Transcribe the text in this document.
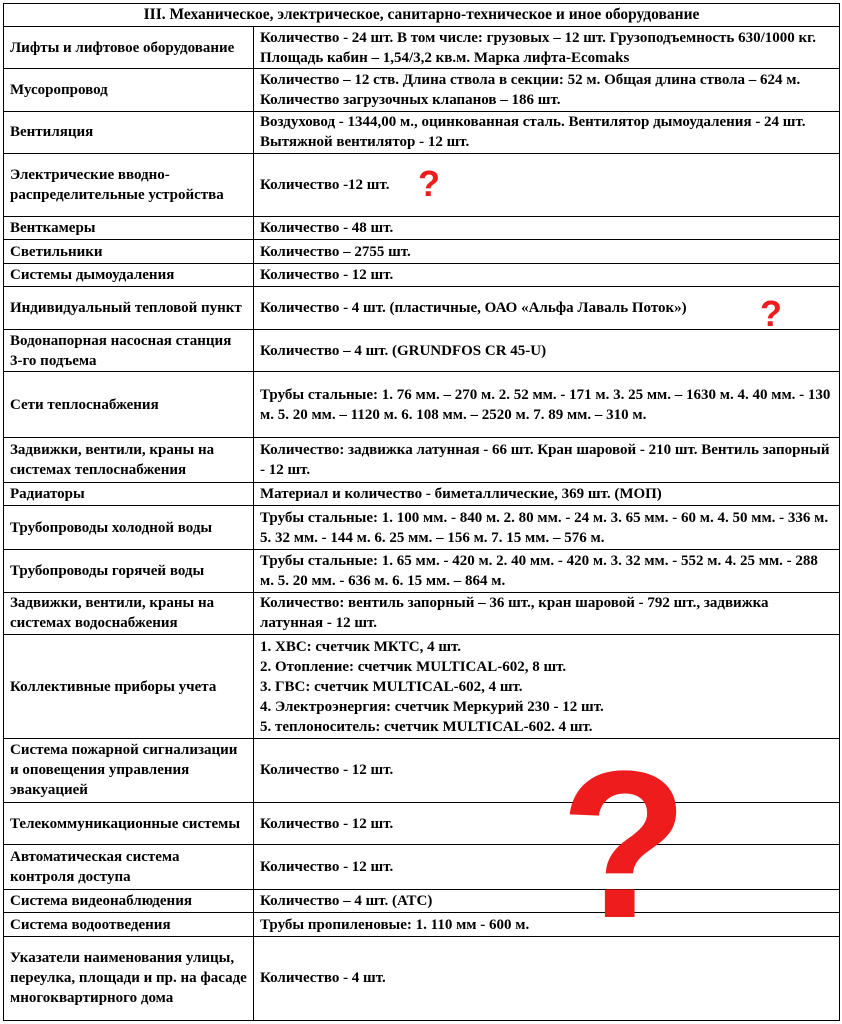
III. Механическое, электрическое, санитарно-техническое и иное оборудование	
Лифты и лифтовое оборудование	Количество - 24 шт. В том числе: грузовых – 12 шт. Грузоподъемность 630/1000 кг. Площадь кабин – 1,54/3,2 кв.м. Марка лифта-Ecomaks
Мусоропровод	Количество – 12 ств. Длина ствола в секции: 52 м. Общая длина ствола – 624 м. Количество загрузочных клапанов – 186 шт.
Вентиляция	Воздуховод - 1344,00 м., оцинкованная сталь. Вентилятор дымоудаления - 24 шт. Вытяжной вентилятор - 12 шт.
Электрические вводно-распределительные устройства	Количество -12 шт.
Венткамеры	Количество - 48 шт.
Светильники	Количество – 2755 шт.
Системы дымоудаления	Количество - 12 шт.
Индивидуальный тепловой пункт	Количество - 4 шт. (пластичные, ОАО «Альфа Лаваль Поток»)
Водонапорная насосная станция 3-го подъема	Количество – 4 шт. (GRUNDFOS CR 45-U)
Сети теплоснабжения	Трубы стальные: 1. 76 мм. – 270 м. 2. 52 мм. - 171 м. 3. 25 мм. – 1630 м. 4. 40 мм. - 130 м. 5. 20 мм. – 1120 м. 6. 108 мм. – 2520 м. 7. 89 мм. – 310 м.
Задвижки, вентили, краны на системах теплоснабжения	Количество: задвижка латунная - 66 шт. Кран шаровой - 210 шт. Вентиль запорный - 12 шт.
Радиаторы	Материал и количество - биметаллические, 369 шт. (МОП)
Трубопроводы холодной воды	Трубы стальные: 1. 100 мм. - 840 м. 2. 80 мм. - 24 м. 3. 65 мм. - 60 м. 4. 50 мм. - 336 м. 5. 32 мм. - 144 м. 6. 25 мм. – 156 м. 7. 15 мм. – 576 м.
Трубопроводы горячей воды	Трубы стальные: 1. 65 мм. - 420 м. 2. 40 мм. - 420 м. 3. 32 мм. - 552 м. 4. 25 мм. - 288 м. 5. 20 мм. - 636 м. 6. 15 мм. – 864 м.
Задвижки, вентили, краны на системах водоснабжения	Количество: вентиль запорный – 36 шт., кран шаровой - 792 шт., задвижка латунная - 12 шт.
Коллективные приборы учета	1. ХВС: счетчик МКТС, 4 шт.
2. Отопление: счетчик MULTICAL-602, 8 шт.
3. ГВС: счетчик MULTICAL-602, 4 шт.
4. Электроэнергия: счетчик Меркурий 230 - 12 шт.
5. теплоноситель: счетчик MULTICAL-602. 4 шт.
Система пожарной сигнализации и оповещения управления эвакуацией	Количество - 12 шт.
Телекоммуникационные системы	Количество - 12 шт.
Автоматическая система контроля доступа	Количество - 12 шт.
Система видеонаблюдения	Количество – 4 шт. (АТС)
Система водоотведения	Трубы пропиленовые: 1. 110 мм - 600 м.
Указатели наименования улицы, переулка, площади и пр. на фасаде многоквартирного дома	Количество - 4 шт.
?
?
?
